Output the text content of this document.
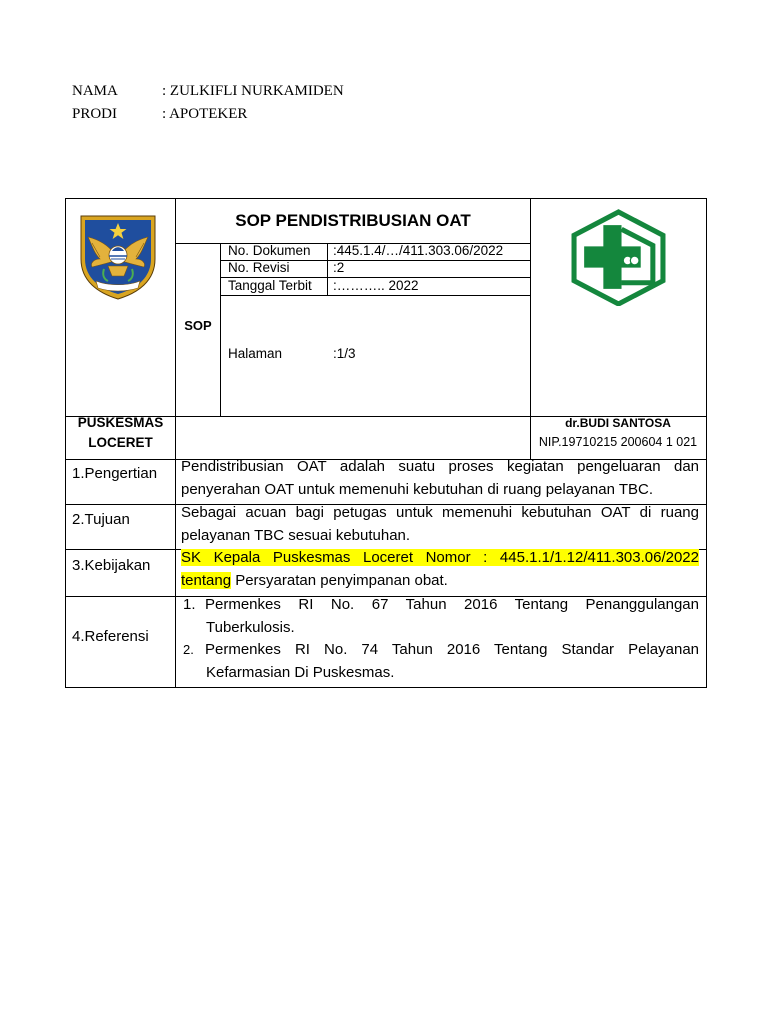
NAMA	: ZULKIFLI NURKAMIDEN
PRODI	: APOTEKER
SOP PENDISTRIBUSIAN OAT
SOP
No. Dokumen :445.1.4/…/411.303.06/2022
No. Revisi	:2
Tanggal Terbit :……….. 2022
Halaman	:1/3
PUSKESMAS
LOCERET
dr.BUDI SANTOSA
NIP.19710215 200604 1 021
1.Pengertian Pendistribusian OAT adalah suatu proses kegiatan pengeluaran dan
penyerahan OAT untuk memenuhi kebutuhan di ruang pelayanan TBC.
2.Tujuan	Sebagai acuan bagi petugas untuk memenuhi kebutuhan OAT di ruang
pelayanan TBC sesuai kebutuhan.
3.Kebijakan SK Kepala Puskesmas Loceret Nomor : 445.1.1/1.12/411.303.06/2022
tentang Persyaratan penyimpanan obat.
4.Referensi
1. Permenkes RI No. 67 Tahun 2016 Tentang Penanggulangan
Tuberkulosis.
2. Permenkes RI No. 74 Tahun 2016 Tentang Standar Pelayanan
Kefarmasian Di Puskesmas.
